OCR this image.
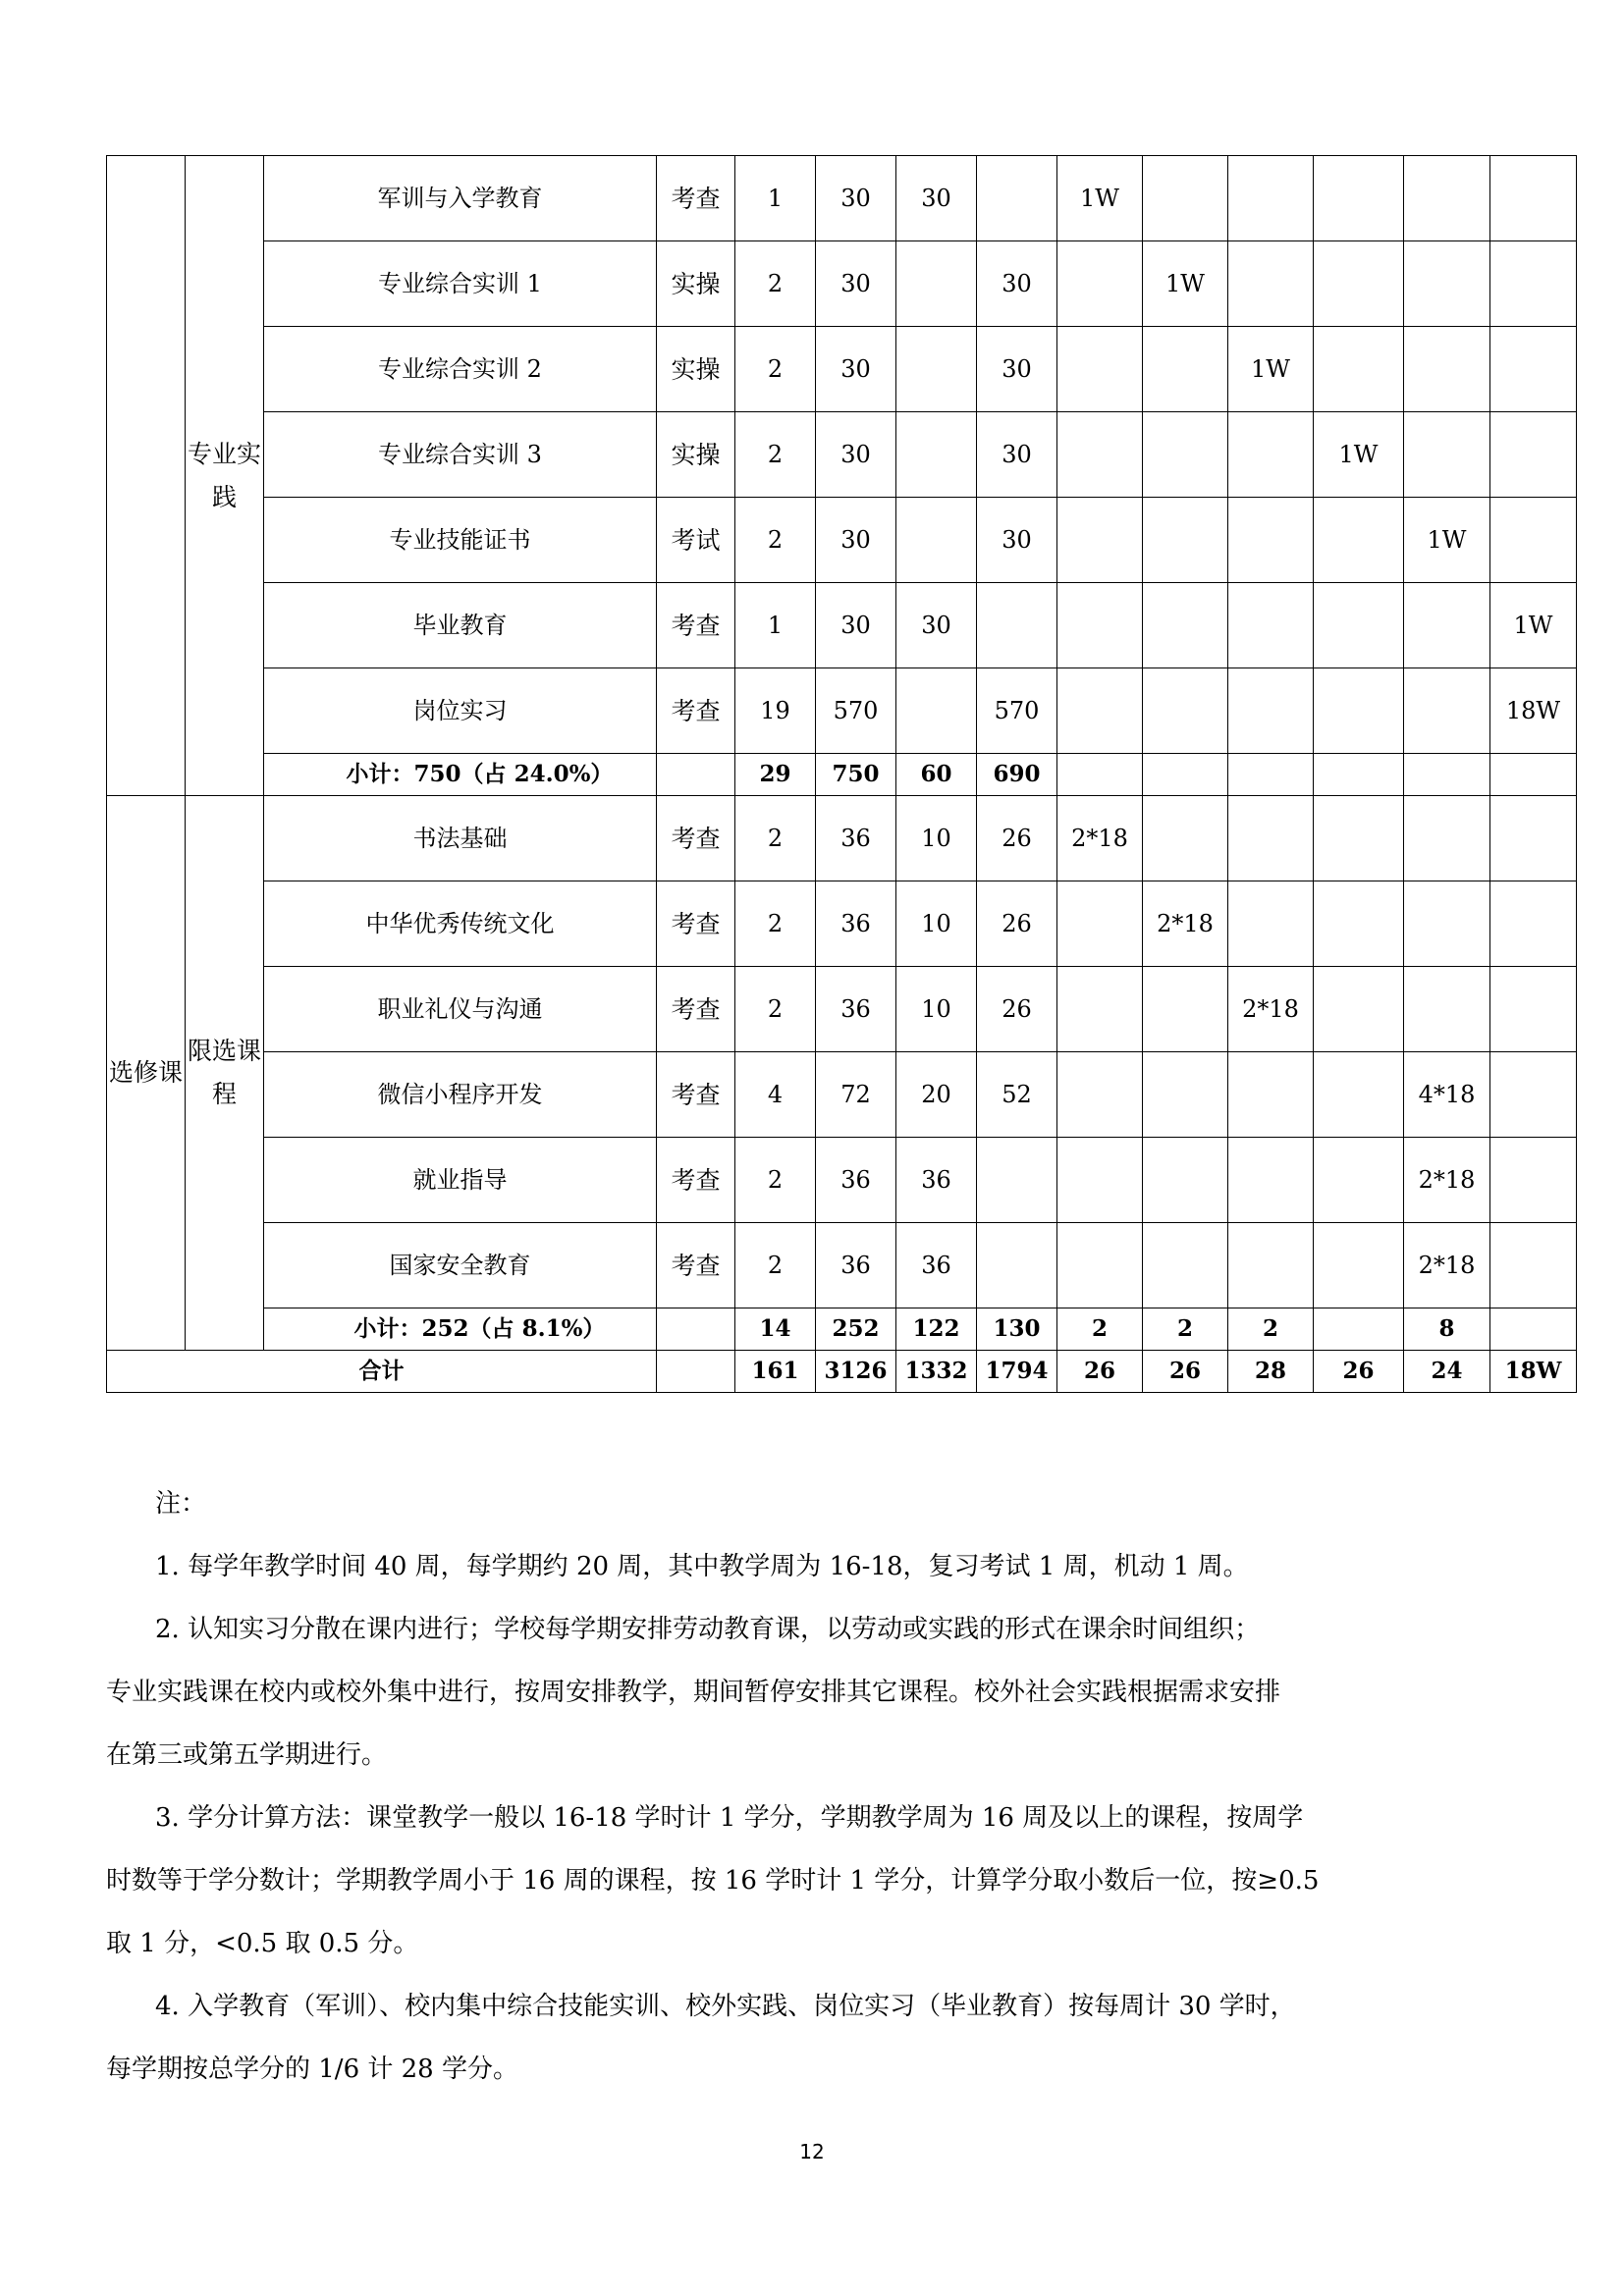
	专业实践	军训与入学教育	考查	1	30	30		1W					
		专业综合实训 1	实操	2	30		30		1W				
		专业综合实训 2	实操	2	30		30			1W			
		专业综合实训 3	实操	2	30		30				1W		
		专业技能证书	考试	2	30		30					1W	
		毕业教育	考查	1	30	30							1W
		岗位实习	考查	19	570		570						18W
		小计：750（占 24.0%）		29	750	60	690						
选修课	限选课程	书法基础	考查	2	36	10	26	2*18					
		中华优秀传统文化	考查	2	36	10	26		2*18				
		职业礼仪与沟通	考查	2	36	10	26			2*18			
		微信小程序开发	考查	4	72	20	52					4*18	
		就业指导	考查	2	36	36						2*18	
		国家安全教育	考查	2	36	36						2*18	
		小计：252（占 8.1%）		14	252	122	130	2	2	2		8	
合计				161	3126	1332	1794	26	26	28	26	24	18W

注：

1. 每学年教学时间 40 周，每学期约 20 周，其中教学周为 16-18，复习考试 1 周，机动 1 周。

2. 认知实习分散在课内进行；学校每学期安排劳动教育课，以劳动或实践的形式在课余时间组织；

专业实践课在校内或校外集中进行，按周安排教学，期间暂停安排其它课程。校外社会实践根据需求安排

在第三或第五学期进行。

3. 学分计算方法：课堂教学一般以 16-18 学时计 1 学分，学期教学周为 16 周及以上的课程，按周学

时数等于学分数计；学期教学周小于 16 周的课程，按 16 学时计 1 学分，计算学分取小数后一位，按≥0.5

取 1 分，<0.5 取 0.5 分。

4. 入学教育（军训）、校内集中综合技能实训、校外实践、岗位实习（毕业教育）按每周计 30 学时，

每学期按总学分的 1/6 计 28 学分。

12
